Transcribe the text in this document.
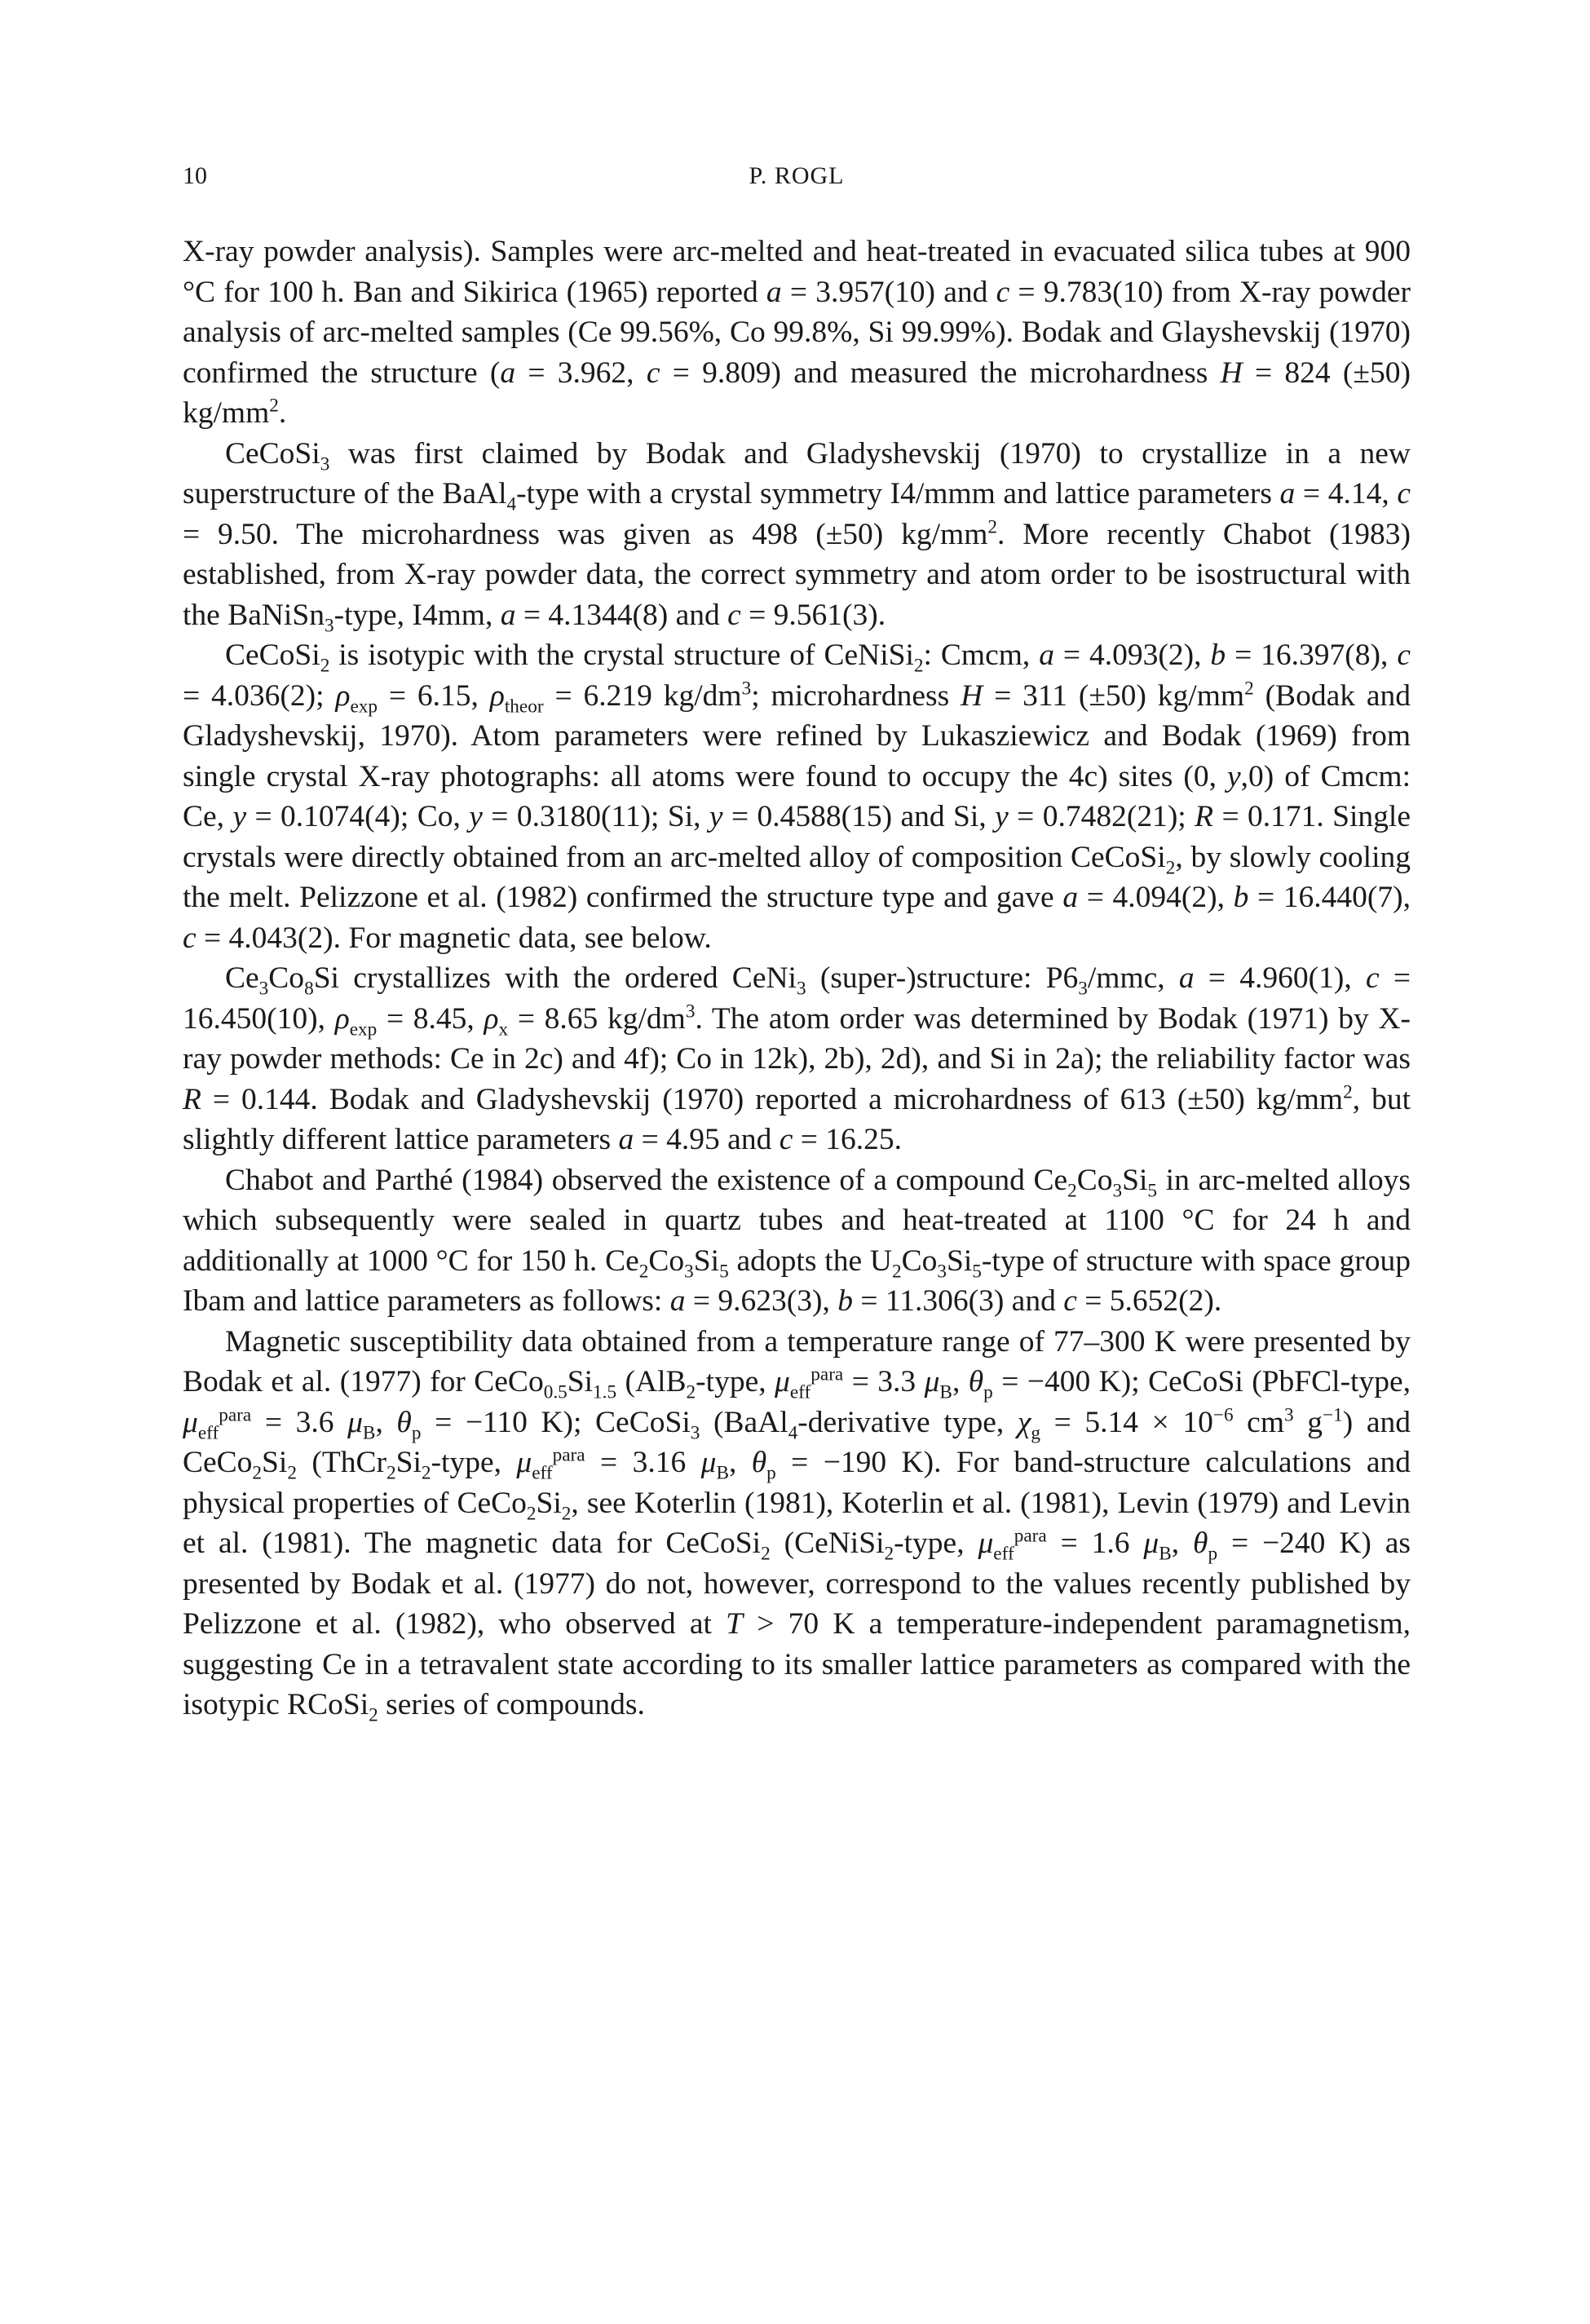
10	P. ROGL

X-ray powder analysis). Samples were arc-melted and heat-treated in evacuated silica tubes at 900 °C for 100 h. Ban and Sikirica (1965) reported a = 3.957(10) and c = 9.783(10) from X-ray powder analysis of arc-melted samples (Ce 99.56%, Co 99.8%, Si 99.99%). Bodak and Glayshevskij (1970) confirmed the structure (a = 3.962, c = 9.809) and measured the microhardness H = 824 (±50) $kg/mm^2$.

CeCoSi$_3$ was first claimed by Bodak and Gladyshevskij (1970) to crystallize in a new superstructure of the BaAl$_4$-type with a crystal symmetry I4/mmm and lattice parameters a = 4.14, c = 9.50. The microhardness was given as 498 (±50) $kg/mm^2$. More recently Chabot (1983) established, from X-ray powder data, the correct symmetry and atom order to be isostructural with the BaNiSn$_3$-type, I4mm, a = 4.1344(8) and c = 9.561(3).

CeCoSi$_2$ is isotypic with the crystal structure of CeNiSi$_2$: Cmcm, a = 4.093(2), b = 16.397(8), c = 4.036(2); $\rho_{exp} = 6.15$, $\rho_{theor} = 6.219$ $kg/dm^3$; microhardness H = 311 (±50) $kg/mm^2$ (Bodak and Gladyshevskij, 1970). Atom parameters were refined by Lukasziewicz and Bodak (1969) from single crystal X-ray photographs: all atoms were found to occupy the 4c) sites (0, y,0) of Cmcm: Ce, y = 0.1074(4); Co, y = 0.3180(11); Si, y = 0.4588(15) and Si, y = 0.7482(21); R = 0.171. Single crystals were directly obtained from an arc-melted alloy of composition CeCoSi$_2$, by slowly cooling the melt. Pelizzone et al. (1982) confirmed the structure type and gave a = 4.094(2), b = 16.440(7), c = 4.043(2). For magnetic data, see below.

$Ce_3Co_8Si$ crystallizes with the ordered CeNi$_3$ (super-)structure: $P6_3$/mmc, a = 4.960(1), c = 16.450(10), $\rho_{exp} = 8.45$, $\rho_x = 8.65$ $kg/dm^3$. The atom order was determined by Bodak (1971) by X-ray powder methods: Ce in 2c) and 4f); Co in 12k), 2b), 2d), and Si in 2a); the reliability factor was R = 0.144. Bodak and Gladyshevskij (1970) reported a microhardness of 613 (±50) $kg/mm^2$, but slightly different lattice parameters a = 4.95 and c = 16.25.

Chabot and Parthé (1984) observed the existence of a compound $Ce_2Co_3Si_5$ in arc-melted alloys which subsequently were sealed in quartz tubes and heat-treated at 1100 °C for 24 h and additionally at 1000 °C for 150 h. $Ce_2Co_3Si_5$ adopts the $U_2Co_3Si_5$-type of structure with space group Ibam and lattice parameters as follows: a = 9.623(3), b = 11.306(3) and c = 5.652(2).

Magnetic susceptibility data obtained from a temperature range of 77–300 K were presented by Bodak et al. (1977) for $CeCo_{0.5}Si_{1.5}$ (AlB$_2$-type, $\mu_{eff}^{para} = 3.3$ $\mu_B$, $\theta_p = -400$ K); CeCoSi (PbFCl-type, $\mu_{eff}^{para} = 3.6$ $\mu_B$, $\theta_p = -110$ K); CeCoSi$_3$ (BaAl$_4$-derivative type, $\chi_g = 5.14 \times 10^{-6}$ $cm^3$ $g^{-1}$) and $CeCo_2Si_2$ ($ThCr_2Si_2$-type, $\mu_{eff}^{para} = 3.16$ $\mu_B$, $\theta_p = -190$ K). For band-structure calculations and physical properties of $CeCo_2Si_2$, see Koterlin (1981), Koterlin et al. (1981), Levin (1979) and Levin et al. (1981). The magnetic data for CeCoSi$_2$ (CeNiSi$_2$-type, $\mu_{eff}^{para} = 1.6$ $\mu_B$, $\theta_p = -240$ K) as presented by Bodak et al. (1977) do not, however, correspond to the values recently published by Pelizzone et al. (1982), who observed at T > 70 K a temperature-independent paramagnetism, suggesting Ce in a tetravalent state according to its smaller lattice parameters as compared with the isotypic RCoSi$_2$ series of compounds.
